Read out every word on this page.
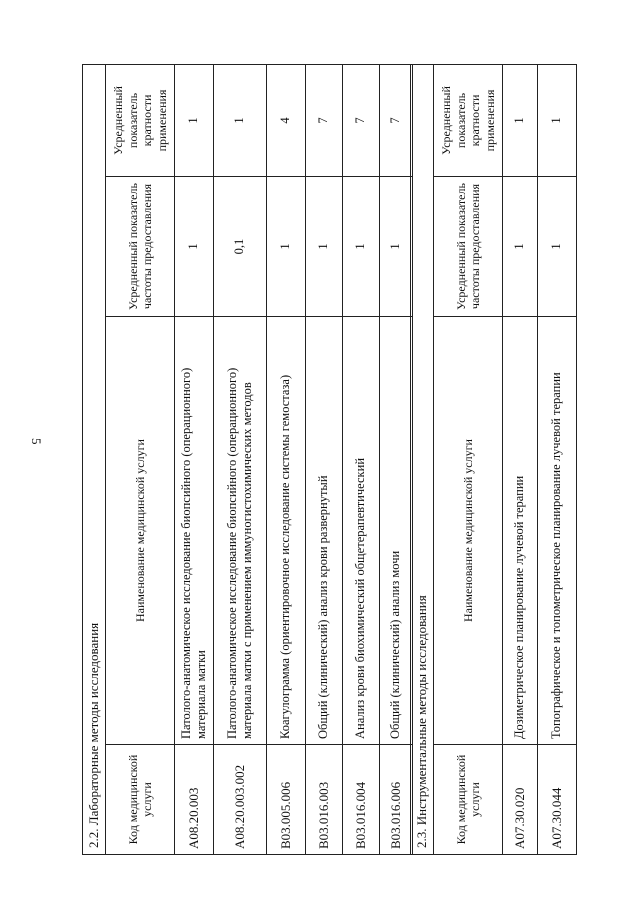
5
2.2. Лабораторные методы исследования			
Код медицинской услуги	Наименование медицинской услуги	Усредненный показатель частоты предоставления	Усредненный показатель кратности применения
A08.20.003	Патолого-анатомическое исследование биопсийного (операционного) материала матки	1	1
A08.20.003.002	Патолого-анатомическое исследование биопсийного (операционного) материала матки с применением иммуногистохимических методов	0,1	1
B03.005.006	Коагулограмма (ориентировочное исследование системы гемостаза)	1	4
B03.016.003	Общий (клинический) анализ крови развернутый	1	7
B03.016.004	Анализ крови биохимический общетерапевтический	1	7
B03.016.006	Общий (клинический) анализ мочи	1	7
2.3. Инструментальные методы исследования			
Код медицинской услуги	Наименование медицинской услуги	Усредненный показатель частоты предоставления	Усредненный показатель кратности применения
A07.30.020	Дозиметрическое планирование лучевой терапии	1	1
A07.30.044	Топографическое и топометрическое планирование лучевой терапии	1	1
